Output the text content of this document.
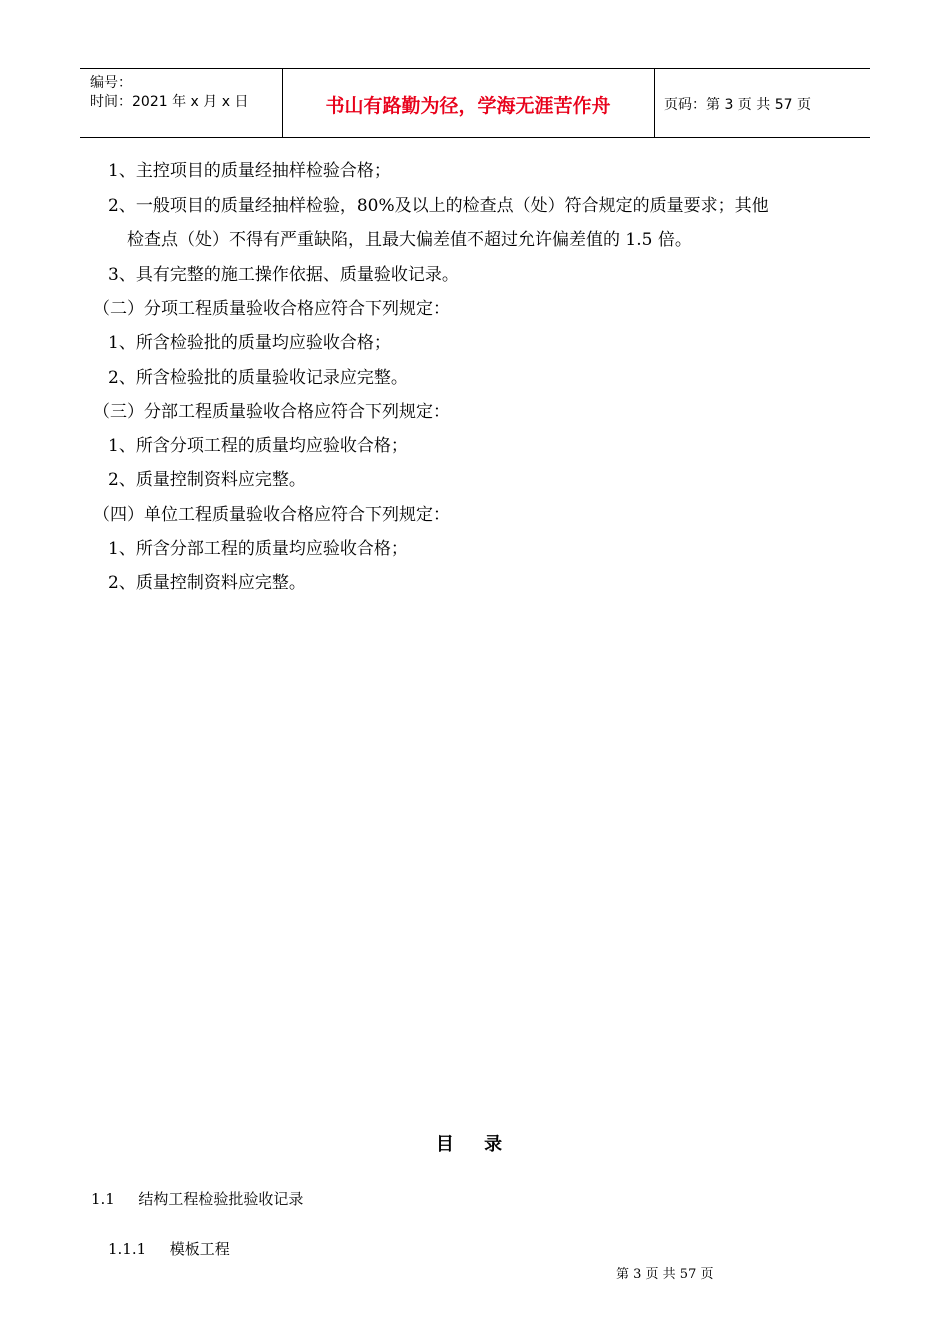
编号：
时间：2021 年 x 月 x 日	书山有路勤为径，学海无涯苦作舟	页码：第 3 页 共 57 页
1、主控项目的质量经抽样检验合格；
2、一般项目的质量经抽样检验，80%及以上的检查点（处）符合规定的质量要求；其他
检查点（处）不得有严重缺陷，且最大偏差值不超过允许偏差值的 1.5 倍。
3、具有完整的施工操作依据、质量验收记录。
（二）分项工程质量验收合格应符合下列规定：
1、所含检验批的质量均应验收合格；
2、所含检验批的质量验收记录应完整。
（三）分部工程质量验收合格应符合下列规定：
1、所含分项工程的质量均应验收合格；
2、质量控制资料应完整。
（四）单位工程质量验收合格应符合下列规定：
1、所含分部工程的质量均应验收合格；
2、质量控制资料应完整。
目 录
1.1 结构工程检验批验收记录
1.1.1 模板工程
第 3 页 共 57 页
